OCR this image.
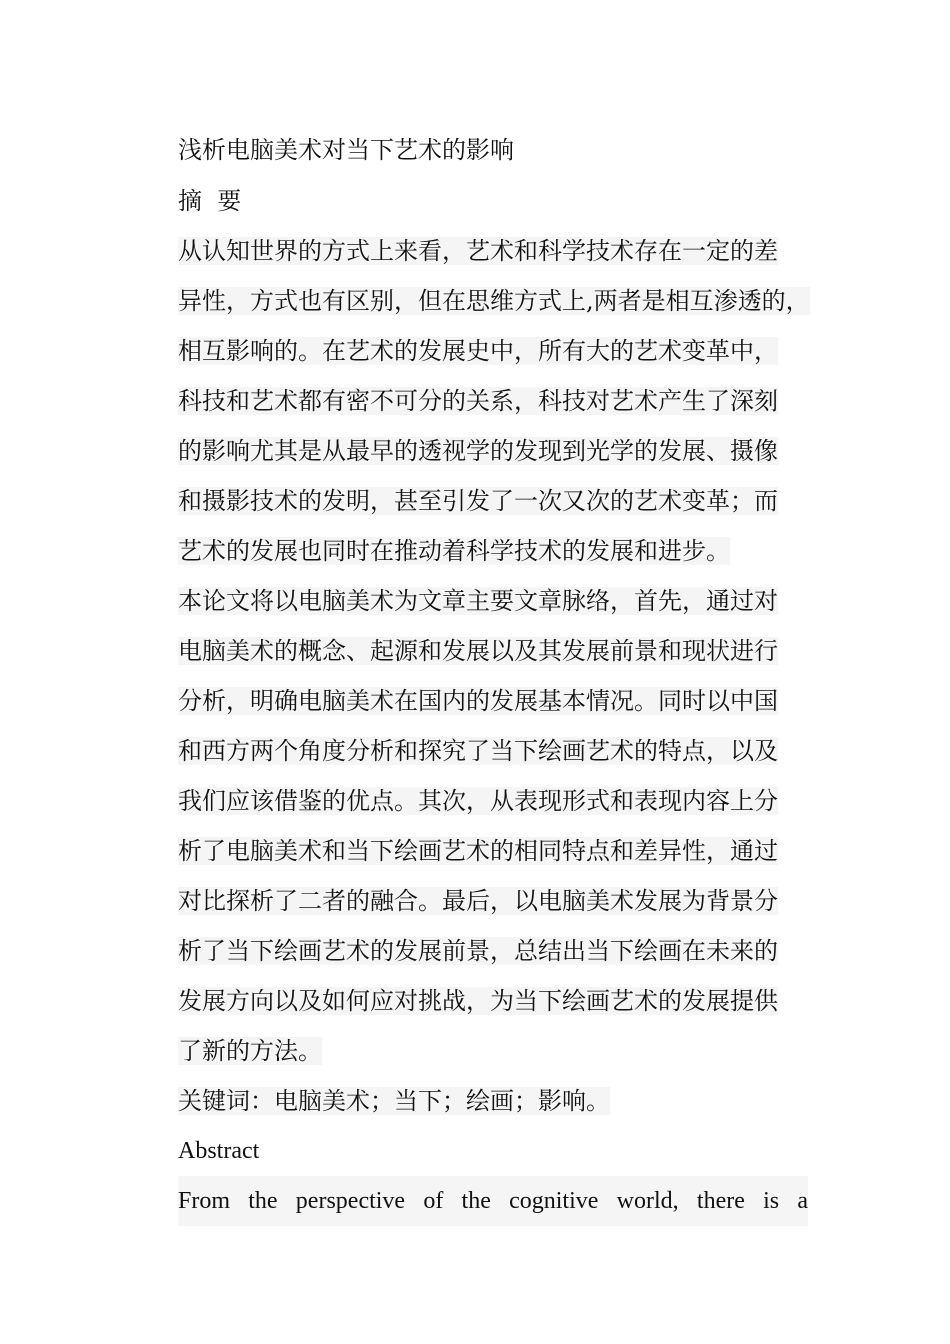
浅析电脑美术对当下艺术的影响
摘  要
从认知世界的方式上来看，艺术和科学技术存在一定的差
异性，方式也有区别，但在思维方式上,两者是相互渗透的，
相互影响的。在艺术的发展史中，所有大的艺术变革中，
科技和艺术都有密不可分的关系，科技对艺术产生了深刻
的影响尤其是从最早的透视学的发现到光学的发展、摄像
和摄影技术的发明，甚至引发了一次又次的艺术变革；而
艺术的发展也同时在推动着科学技术的发展和进步。
本论文将以电脑美术为文章主要文章脉络，首先，通过对
电脑美术的概念、起源和发展以及其发展前景和现状进行
分析，明确电脑美术在国内的发展基本情况。同时以中国
和西方两个角度分析和探究了当下绘画艺术的特点，以及
我们应该借鉴的优点。其次，从表现形式和表现内容上分
析了电脑美术和当下绘画艺术的相同特点和差异性，通过
对比探析了二者的融合。最后，以电脑美术发展为背景分
析了当下绘画艺术的发展前景，总结出当下绘画在未来的
发展方向以及如何应对挑战，为当下绘画艺术的发展提供
了新的方法。
关键词：电脑美术；当下；绘画；影响。
Abstract
From the perspective of the cognitive world, there is a
